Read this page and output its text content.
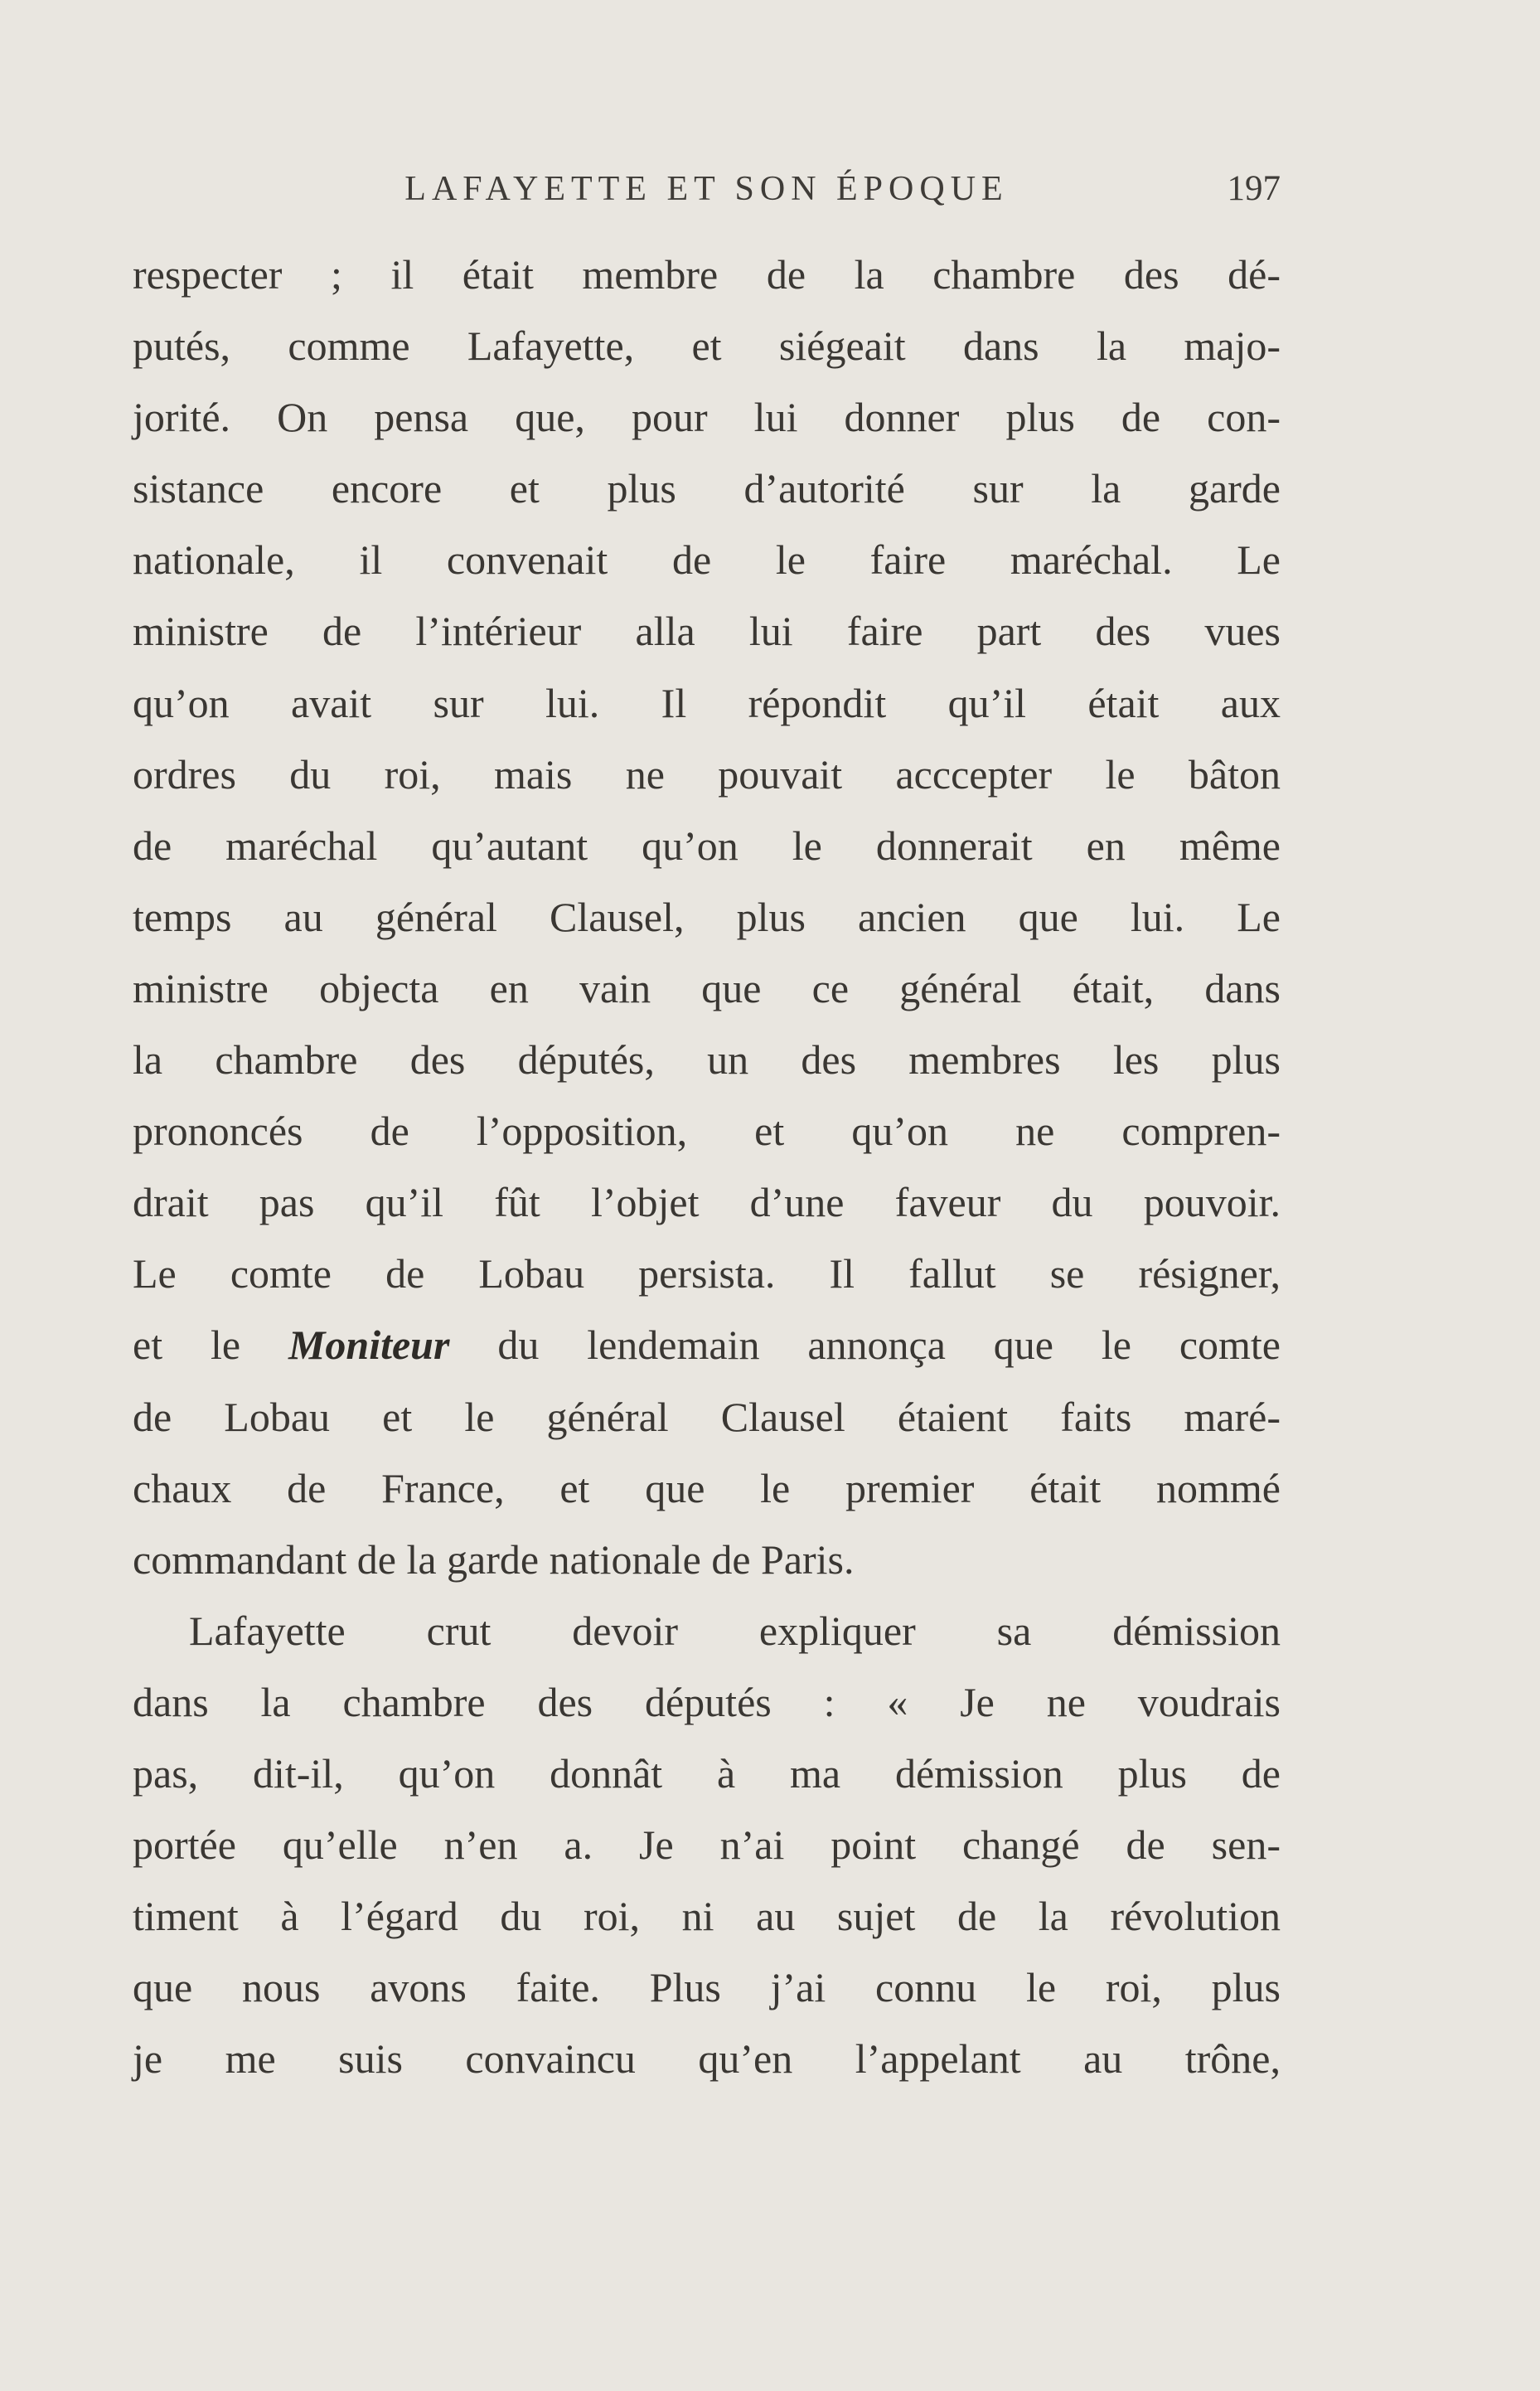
LAFAYETTE ET SON ÉPOQUE	197
respecter ; il était membre de la chambre des dé-
putés, comme Lafayette, et siégeait dans la majo-
jorité. On pensa que, pour lui donner plus de con-
sistance encore et plus d’autorité sur la garde
nationale, il convenait de le faire maréchal. Le
ministre de l’intérieur alla lui faire part des vues
qu’on avait sur lui. Il répondit qu’il était aux
ordres du roi, mais ne pouvait acccepter le bâton
de maréchal qu’autant qu’on le donnerait en même
temps au général Clausel, plus ancien que lui. Le
ministre objecta en vain que ce général était, dans
la chambre des députés, un des membres les plus
prononcés de l’opposition, et qu’on ne compren-
drait pas qu’il fût l’objet d’une faveur du pouvoir.
Le comte de Lobau persista. Il fallut se résigner,
et le Moniteur du lendemain annonça que le comte
de Lobau et le général Clausel étaient faits maré-
chaux de France, et que le premier était nommé
commandant de la garde nationale de Paris.
Lafayette crut devoir expliquer sa démission
dans la chambre des députés : « Je ne voudrais
pas, dit-il, qu’on donnât à ma démission plus de
portée qu’elle n’en a. Je n’ai point changé de sen-
timent à l’égard du roi, ni au sujet de la révolution
que nous avons faite. Plus j’ai connu le roi, plus
je me suis convaincu qu’en l’appelant au trône,
